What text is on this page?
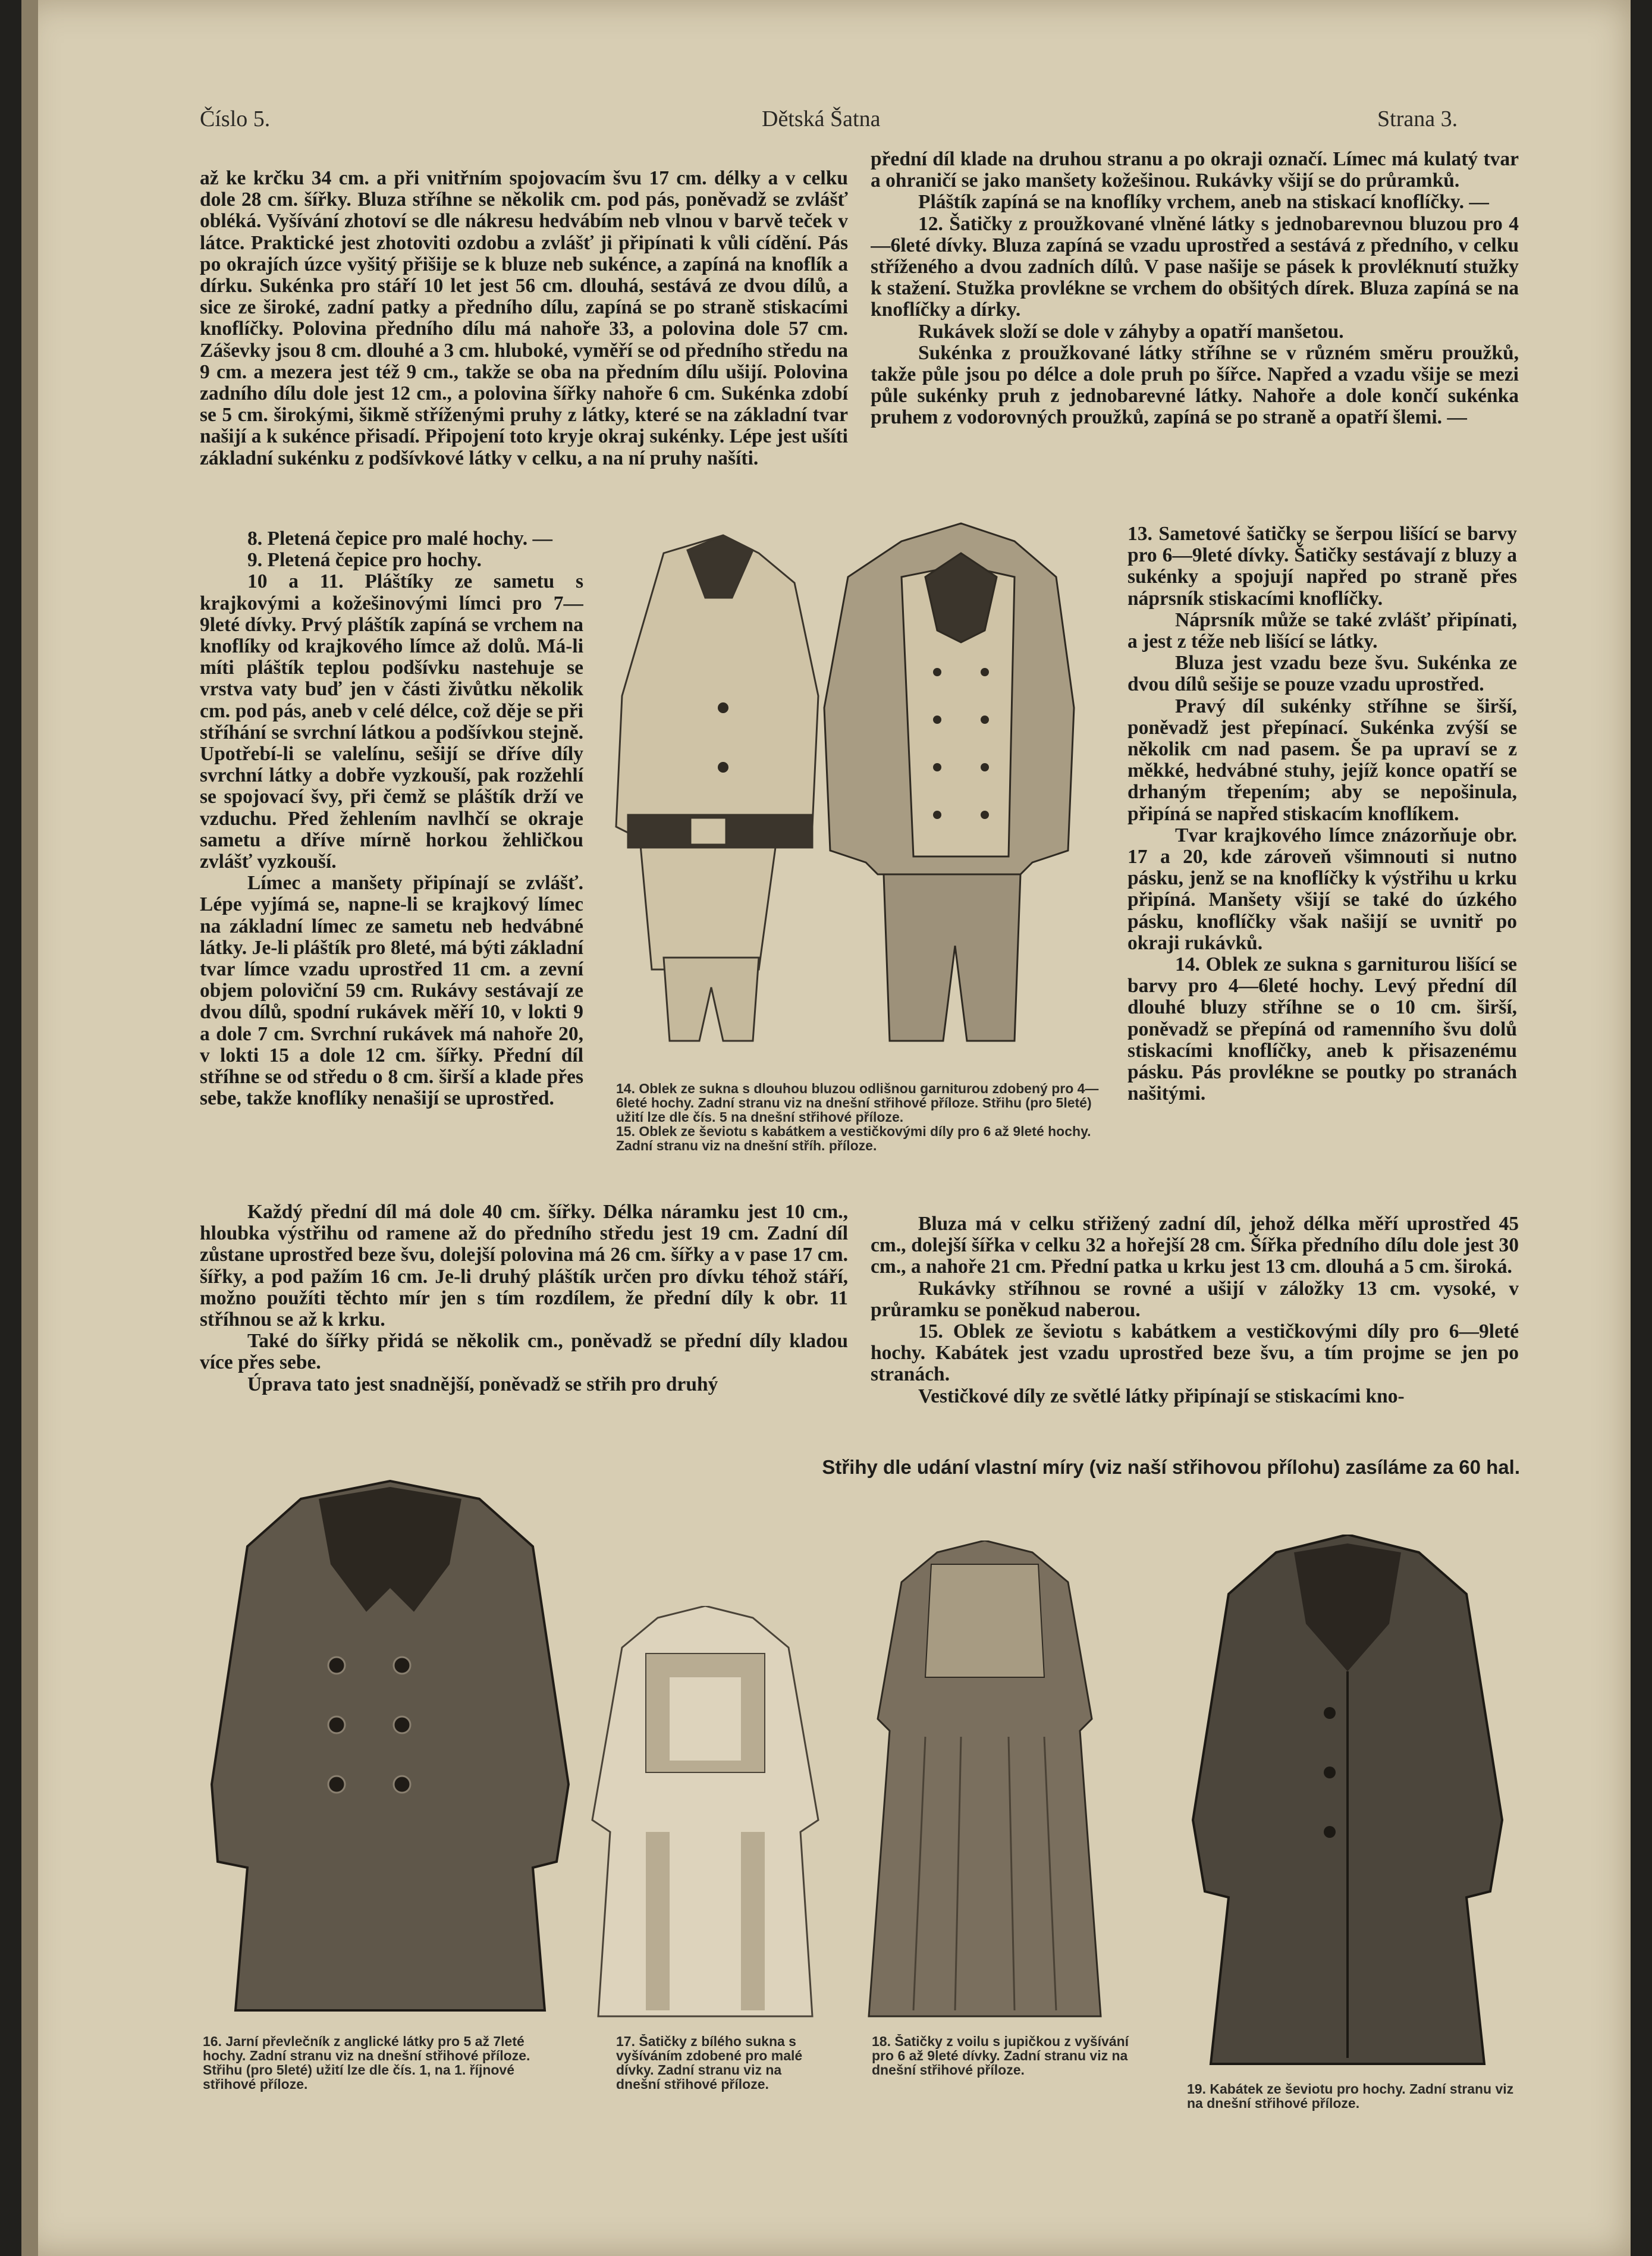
Číslo 5.	Dětská Šatna	Strana 3.

až ke krčku 34 cm. a při vnitřním spojovacím švu 17 cm. délky a v celku dole 28 cm. šířky. Bluza stříhne se několik cm. pod pás, poněvadž se zvlášť obléká. Vyšívání zhotoví se dle nákresu hedvábím neb vlnou v barvě teček v látce. Praktické jest zhotoviti ozdobu a zvlášť ji připínati k vůli cídění. Pás po okrajích úzce vyšitý přišije se k bluze neb sukénce, a zapíná na knoflík a dírku. Sukénka pro stáří 10 let jest 56 cm. dlouhá, sestává ze dvou dílů, a sice ze široké, zadní patky a předního dílu, zapíná se po straně stiskacími knoflíčky. Polovina předního dílu má nahoře 33, a polovina dole 57 cm. Záševky jsou 8 cm. dlouhé a 3 cm. hluboké, vyměří se od předního středu na 9 cm. a mezera jest též 9 cm., takže se oba na předním dílu ušijí. Polovina zadního dílu dole jest 12 cm., a polovina šířky nahoře 6 cm. Sukénka zdobí se 5 cm. širokými, šikmě stříženými pruhy z látky, které se na základní tvar našijí a k sukénce přisadí. Připojení toto kryje okraj sukénky. Lépe jest ušíti základní sukénku z podšívkové látky v celku, a na ní pruhy našíti.

8. Pletená čepice pro malé hochy. —

9. Pletená čepice pro hochy.

10 a 11. Pláštíky ze sametu s krajkovými a kožešinovými límci pro 7—9leté dívky. Prvý pláštík zapíná se vrchem na knoflíky od krajkového límce až dolů. Má-li míti pláštík teplou podšívku nastehuje se vrstva vaty buď jen v části živůtku několik cm. pod pás, aneb v celé délce, což děje se při stříhání se svrchní látkou a podšívkou stejně. Upotřebí-li se valelínu, sešijí se dříve díly svrchní látky a dobře vyzkouší, pak rozžehlí se spojovací švy, při čemž se pláštík drží ve vzduchu. Před žehlením navlhčí se okraje sametu a dříve mírně horkou žehličkou zvlášť vyzkouší.

Límec a manšety připínají se zvlášť. Lépe vyjímá se, napne-li se krajkový límec na základní límec ze sametu neb hedvábné látky. Je-li pláštík pro 8leté, má býti základní tvar límce vzadu uprostřed 11 cm. a zevní objem poloviční 59 cm. Rukávy sestávají ze dvou dílů, spodní rukávek měří 10, v lokti 9 a dole 7 cm. Svrchní rukávek má nahoře 20, v lokti 15 a dole 12 cm. šířky. Přední díl stříhne se od středu o 8 cm. širší a klade přes sebe, takže knoflíky nenašijí se uprostřed.

Každý přední díl má dole 40 cm. šířky. Délka náramku jest 10 cm., hloubka výstřihu od ramene až do předního středu jest 19 cm. Zadní díl zůstane uprostřed beze švu, dolejší polovina má 26 cm. šířky a v pase 17 cm. šířky, a pod pažím 16 cm. Je-li druhý pláštík určen pro dívku téhož stáří, možno použíti těchto mír jen s tím rozdílem, že přední díly k obr. 11 stříhnou se až k krku.

Také do šířky přidá se několik cm., poněvadž se přední díly kladou více přes sebe.

Úprava tato jest snadnější, poněvadž se střih pro druhý

přední díl klade na druhou stranu a po okraji označí. Límec má kulatý tvar a ohraničí se jako manšety kožešinou. Rukávky všijí se do průramků.

Pláštík zapíná se na knoflíky vrchem, aneb na stiskací knoflíčky. —

12. Šatičky z proužkované vlněné látky s jednobarevnou bluzou pro 4—6leté dívky. Bluza zapíná se vzadu uprostřed a sestává z předního, v celku stříženého a dvou zadních dílů. V pase našije se pásek k provléknutí stužky k stažení. Stužka provlékne se vrchem do obšitých dírek. Bluza zapíná se na knoflíčky a dírky.

Rukávek složí se dole v záhyby a opatří manšetou.

Sukénka z proužkované látky stříhne se v různém směru proužků, takže půle jsou po délce a dole pruh po šířce. Napřed a vzadu všije se mezi půle sukénky pruh z jednobarevné látky. Nahoře a dole končí sukénka pruhem z vodorovných proužků, zapíná se po straně a opatří šlemi. —

13. Sametové šatičky se šerpou lišící se barvy pro 6—9leté dívky. Šatičky sestávají z bluzy a sukénky a spojují napřed po straně přes náprsník stiskacími knoflíčky.

Náprsník může se také zvlášť připínati, a jest z téže neb lišící se látky.

Bluza jest vzadu beze švu. Sukénka ze dvou dílů sešije se pouze vzadu uprostřed.

Pravý díl sukénky stříhne se širší, poněvadž jest přepínací. Sukénka zvýší se několik cm nad pasem. Še pa upraví se z měkké, hedvábné stuhy, jejíž konce opatří se drhaným třepením; aby se nepošinula, připíná se napřed stiskacím knoflíkem.

Tvar krajkového límce znázorňuje obr. 17 a 20, kde zároveň všimnouti si nutno pásku, jenž se na knoflíčky k výstřihu u krku připíná. Manšety všijí se také do úzkého pásku, knoflíčky však našijí se uvnitř po okraji rukávků.

14. Oblek ze sukna s garniturou lišící se barvy pro 4—6leté hochy. Levý přední díl dlouhé bluzy stříhne se o 10 cm. širší, poněvadž se přepíná od ramenního švu dolů stiskacími knoflíčky, aneb k přisazenému pásku. Pás provlékne se poutky po stranách našitými.

Bluza má v celku střižený zadní díl, jehož délka měří uprostřed 45 cm., dolejší šířka v celku 32 a hořejší 28 cm. Šířka předního dílu dole jest 30 cm., a nahoře 21 cm. Přední patka u krku jest 13 cm. dlouhá a 5 cm. široká.

Rukávky stříhnou se rovné a ušijí v záložky 13 cm. vysoké, v průramku se poněkud naberou.

15. Oblek ze ševiotu s kabátkem a vestičkovými díly pro 6—9leté hochy. Kabátek jest vzadu uprostřed beze švu, a tím projme se jen po stranách.

Vestičkové díly ze světlé látky připínají se stiskacími kno-

Střihy dle udání vlastní míry (viz naší střihovou přílohu) zasíláme za 60 hal.
14. Oblek ze sukna s dlouhou bluzou odlišnou garniturou zdobený pro 4—6leté hochy. Zadní stranu viz na dnešní střihové příloze. Střihu (pro 5leté) užití lze dle čís. 5 na dnešní střihové příloze.
15. Oblek ze ševiotu s kabátkem a vestičkovými díly pro 6 až 9leté hochy. Zadní stranu viz na dnešní stříh. příloze.
16. Jarní převlečník z anglické látky pro 5 až 7leté hochy. Zadní stranu viz na dnešní střihové příloze. Střihu (pro 5leté) užití lze dle čís. 1, na 1. říjnové střihové příloze.
17. Šatičky z bílého sukna s vyšíváním zdobené pro malé dívky. Zadní stranu viz na dnešní střihové příloze.
18. Šatičky z voilu s jupičkou z vyšívání pro 6 až 9leté dívky. Zadní stranu viz na dnešní střihové příloze.
19. Kabátek ze ševiotu pro hochy. Zadní stranu viz na dnešní střihové příloze.
